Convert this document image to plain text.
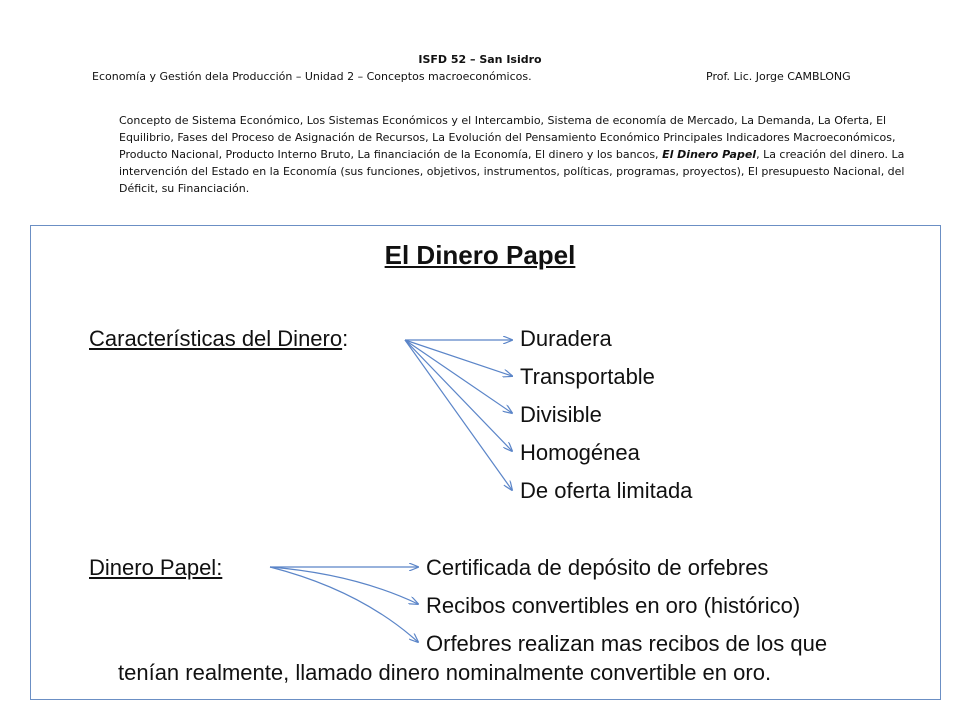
ISFD 52 – San Isidro
Economía y Gestión dela Producción – Unidad 2 – Conceptos macroeconómicos.	Prof. Lic. Jorge CAMBLONG
Concepto de Sistema Económico, Los Sistemas Económicos y el Intercambio, Sistema de economía de Mercado, La Demanda, La Oferta, El Equilibrio, Fases del Proceso de Asignación de Recursos, La Evolución del Pensamiento Económico Principales Indicadores Macroeconómicos, Producto Nacional, Producto Interno Bruto, La financiación de la Economía, El dinero y los bancos, El Dinero Papel, La creación del dinero. La intervención del Estado en la Economía (sus funciones, objetivos, instrumentos, políticas, programas, proyectos), El presupuesto Nacional, del Déficit, su Financiación.
El Dinero Papel
Características del Dinero:	Duradera
Transportable
Divisible
Homogénea
De oferta limitada
Dinero Papel:	Certificada de depósito de orfebres
Recibos convertibles en oro (histórico)
Orfebres realizan mas recibos de los que
tenían realmente, llamado dinero nominalmente convertible en oro.
